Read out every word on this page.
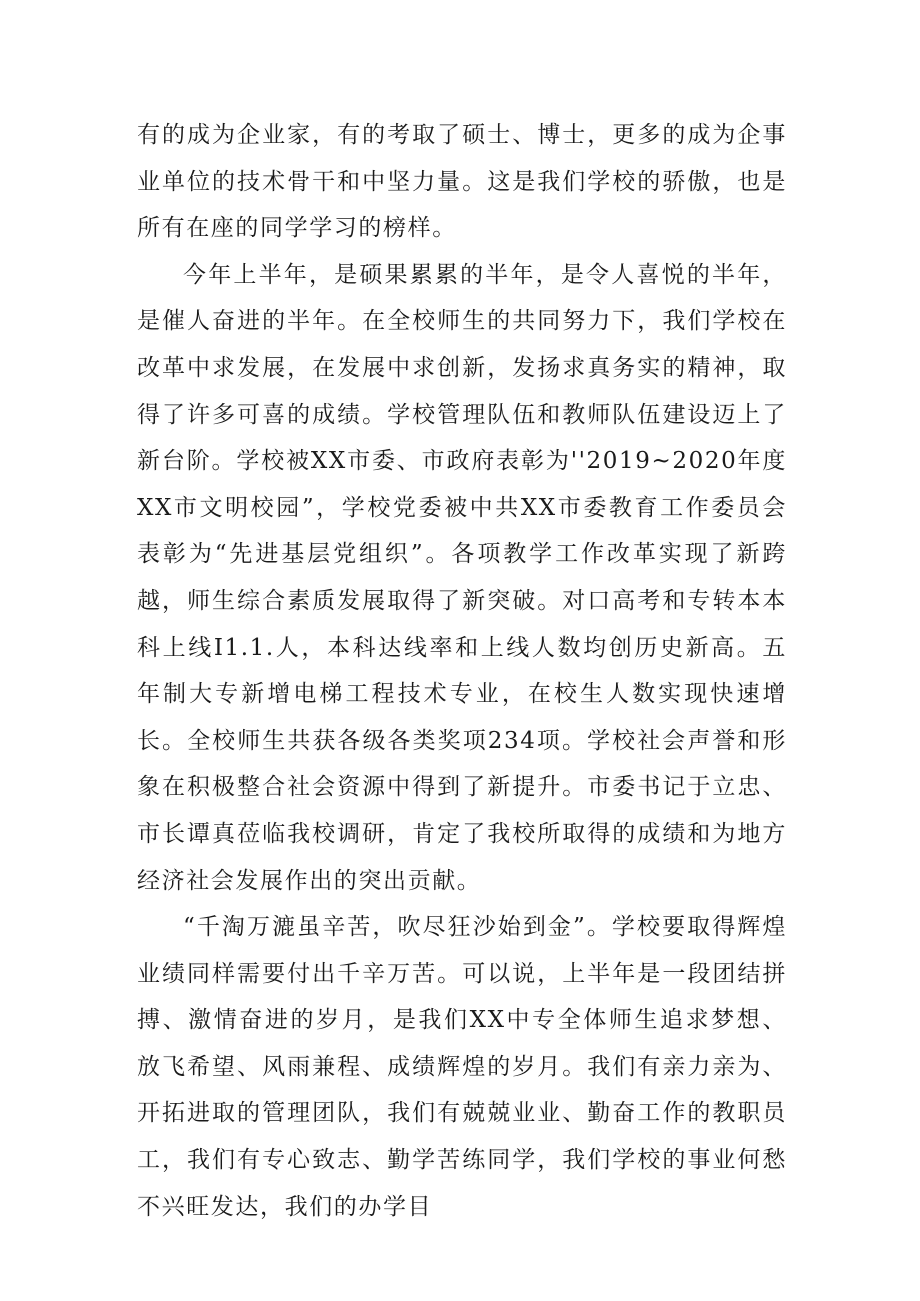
有的成为企业家，有的考取了硕士、博士，更多的成为企事业单位的技术骨干和中坚力量。这是我们学校的骄傲，也是所有在座的同学学习的榜样。

今年上半年，是硕果累累的半年，是令人喜悦的半年，是催人奋进的半年。在全校师生的共同努力下，我们学校在改革中求发展，在发展中求创新，发扬求真务实的精神，取得了许多可喜的成绩。学校管理队伍和教师队伍建设迈上了新台阶。学校被XX市委、市政府表彰为''2019~2020年度XX市文明校园”，学校党委被中共XX市委教育工作委员会表彰为“先进基层党组织”。各项教学工作改革实现了新跨越，师生综合素质发展取得了新突破。对口高考和专转本本科上线I1.1.人，本科达线率和上线人数均创历史新高。五年制大专新增电梯工程技术专业，在校生人数实现快速增长。全校师生共获各级各类奖项234项。学校社会声誉和形象在积极整合社会资源中得到了新提升。市委书记于立忠、市长谭真莅临我校调研，肯定了我校所取得的成绩和为地方经济社会发展作出的突出贡献。

“千淘万漉虽辛苦，吹尽狂沙始到金”。学校要取得辉煌业绩同样需要付出千辛万苦。可以说，上半年是一段团结拼搏、激情奋进的岁月，是我们XX中专全体师生追求梦想、放飞希望、风雨兼程、成绩辉煌的岁月。我们有亲力亲为、开拓进取的管理团队，我们有兢兢业业、勤奋工作的教职员工，我们有专心致志、勤学苦练同学，我们学校的事业何愁不兴旺发达，我们的办学目
